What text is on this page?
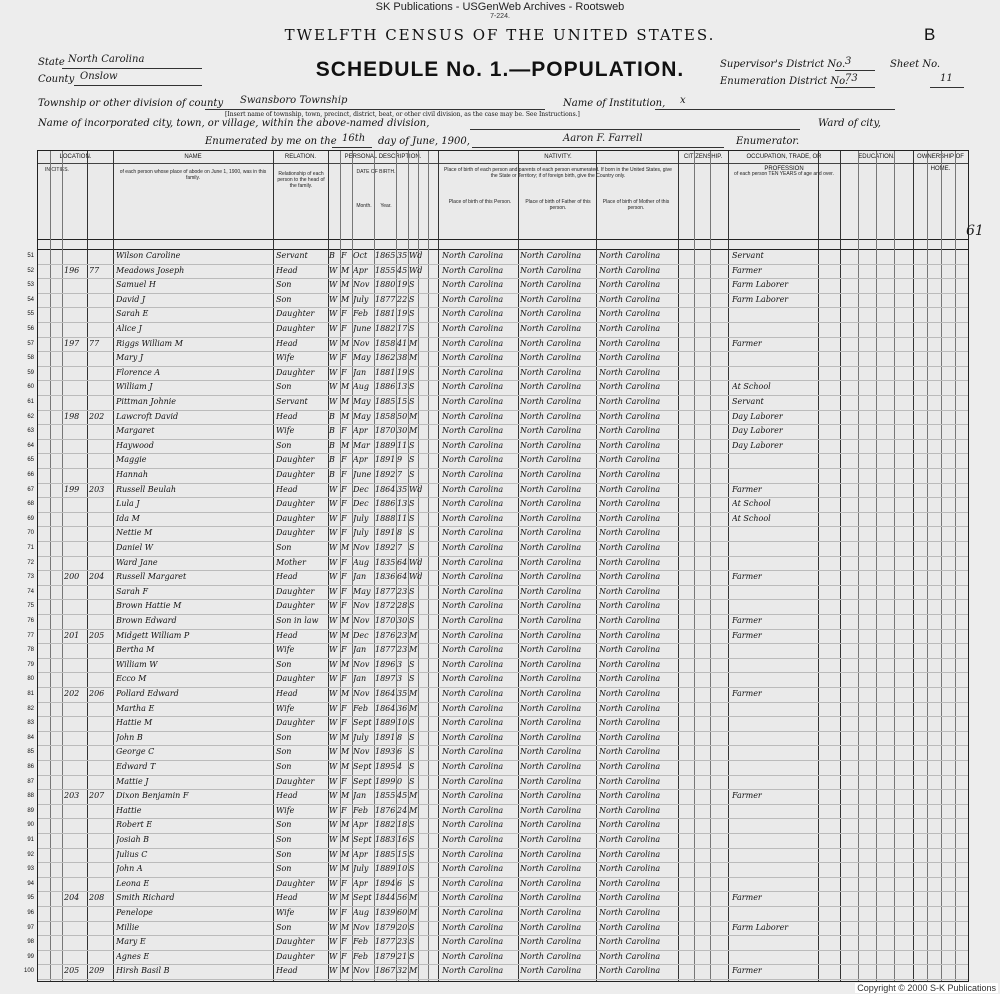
SK Publications - USGenWeb Archives - Rootsweb
7-224.
TWELFTH CENSUS OF THE UNITED STATES.	B
SCHEDULE No. 1.—POPULATION.
State North Carolina
County Onslow
Township or other division of county Swansboro Township
[Insert name of township, town, precinct, district, beat, or other civil division, as the case may be. See Instructions.]
Name of Institution, x
Name of incorporated city, town, or village, within the above-named division,	Ward of city,
Enumerated by me on the 16th day of June, 1900,	Aaron F. Farrell	Enumerator.
Supervisor's District No. 3
Enumeration District No.
73
Sheet No.
11
LOCATION.	NAME	RELATION.	PERSONAL DESCRIPTION.	NATIVITY.	CITIZENSHIP.	OCCUPATION, TRADE, OR PROFESSION
EDUCATION.	OWNERSHIP OF HOME.
IN CITIES.	of each person whose place of abode on June 1, 1900, was in this family.
Relationship of each person to the head of the family.
DATE OF BIRTH.
Month.	Year.
Place of birth of each person and parents of each person enumerated. If born in the United States, give the State or Territory; if of foreign birth, give the Country only.
Place of birth of this Person.	Place of birth of Father of this person.
Place of birth of Mother of this person.
of each person TEN YEARS of age and over.
51	Wilson Caroline	Servant	B F Oct 1865 35 Wd	North Carolina	North Carolina	North Carolina	Servant
52	196	77	Meadows Joseph	Head	W M Apr 1855 45 Wd	North Carolina	North Carolina	North Carolina	Farmer
53	Samuel H	Son	W M Nov 1880 19 S	North Carolina	North Carolina	North Carolina	Farm Laborer
54	David J	Son	W M July 1877 22 S	North Carolina	North Carolina	North Carolina	Farm Laborer
55	Sarah E	Daughter	W F Feb 1881 19 S	North Carolina	North Carolina	North Carolina
56	Alice J	Daughter	W F June 1882 17 S	North Carolina	North Carolina	North Carolina
57	197	77	Riggs William M	Head	W M Nov 1858 41 M	North Carolina	North Carolina	North Carolina	Farmer
58	Mary J	Wife	W F May 1862 38 M	North Carolina	North Carolina	North Carolina
59	Florence A	Daughter	W F Jan	1881 19 S	North Carolina	North Carolina	North Carolina
60	William J	Son	W M Aug 1886 13 S	North Carolina	North Carolina	North Carolina	At School
61	Pittman Johnie	Servant	W M May 1885 15 S	North Carolina	North Carolina	North Carolina	Servant
62	198	202	Lawcroft David	Head	B M May 1858 50 M	North Carolina	North Carolina	North Carolina	Day Laborer
63	Margaret	Wife	B F Apr 1870 30 M	North Carolina	North Carolina	North Carolina	Day Laborer
64	Haywood	Son	B M Mar 1889 11 S	North Carolina	North Carolina	North Carolina	Day Laborer
65	Maggie	Daughter	B F Apr 1891 9 S	North Carolina	North Carolina	North Carolina
66	Hannah	Daughter	B F June 1892 7 S	North Carolina	North Carolina	North Carolina
67	199	203	Russell Beulah	Head	W F Dec 1864 35 Wd	North Carolina	North Carolina	North Carolina	Farmer
68	Lula J	Daughter	W F Dec 1886 13 S	North Carolina	North Carolina	North Carolina	At School
69	Ida M	Daughter	W F July 1888 11 S	North Carolina	North Carolina	North Carolina	At School
70	Nettie M	Daughter	W F July 1891 8 S	North Carolina	North Carolina	North Carolina
71	Daniel W	Son	W M Nov 1892 7 S	North Carolina	North Carolina	North Carolina
72	Ward Jane	Mother	W F Aug 1835 64 Wd	North Carolina	North Carolina	North Carolina
73	200	204	Russell Margaret	Head	W F Jan	1836 64 Wd	North Carolina	North Carolina	North Carolina	Farmer
74	Sarah F	Daughter	W F May 1877 23 S	North Carolina	North Carolina	North Carolina
75	Brown Hattie M	Daughter	W F Nov 1872 28 S	North Carolina	North Carolina	North Carolina
76	Brown Edward	Son in law	W M Nov 1870 30 S	North Carolina	North Carolina	North Carolina	Farmer
77	201	205	Midgett William P	Head	W M Dec 1876 23 M	North Carolina	North Carolina	North Carolina	Farmer
78	Bertha M	Wife	W F Jan	1877 23 M	North Carolina	North Carolina	North Carolina
79	William W	Son	W M Nov 1896 3 S	North Carolina	North Carolina	North Carolina
80	Ecco M	Daughter	W F Jan	1897 3 S	North Carolina	North Carolina	North Carolina
81	202	206	Pollard Edward	Head	W M Nov 1864 35 M	North Carolina	North Carolina	North Carolina	Farmer
82	Martha E	Wife	W F Feb 1864 36 M	North Carolina	North Carolina	North Carolina
83	Hattie M	Daughter	W F Sept 1889 10 S	North Carolina	North Carolina	North Carolina
84	John B	Son	W M July 1891 8 S	North Carolina	North Carolina	North Carolina
85	George C	Son	W M Nov 1893 6 S	North Carolina	North Carolina	North Carolina
86	Edward T	Son	W M Sept 1895 4 S	North Carolina	North Carolina	North Carolina
87	Mattie J	Daughter	W F Sept 1899 0 S	North Carolina	North Carolina	North Carolina
88	203	207	Dixon Benjamin F	Head	W M Jan	1855 45 M	North Carolina	North Carolina	North Carolina	Farmer
89	Hattie	Wife	W F Feb 1876 24 M	North Carolina	North Carolina	North Carolina
90	Robert E	Son	W M Apr 1882 18 S	North Carolina	North Carolina	North Carolina
91	Josiah B	Son	W M Sept 1883 16 S	North Carolina	North Carolina	North Carolina
92	Julius C	Son	W M Apr 1885 15 S	North Carolina	North Carolina	North Carolina
93	John A	Son	W M July 1889 10 S	North Carolina	North Carolina	North Carolina
94	Leona E	Daughter	W F Apr 1894 6 S	North Carolina	North Carolina	North Carolina
95	204	208	Smith Richard	Head	W M Sept 1844 56 M	North Carolina	North Carolina	North Carolina	Farmer
96	Penelope	Wife	W F Aug 1839 60 M	North Carolina	North Carolina	North Carolina
97	Millie	Son	W M Nov 1879 20 S	North Carolina	North Carolina	North Carolina	Farm Laborer
98	Mary E	Daughter	W F Feb 1877 23 S	North Carolina	North Carolina	North Carolina
99	Agnes E	Daughter	W F Feb 1879 21 S	North Carolina	North Carolina	North Carolina
100	205	209	Hirsh Basil B	Head	W M Nov 1867 32 M	North Carolina	North Carolina	North Carolina	Farmer
61
Copyright © 2000 S-K Publications
